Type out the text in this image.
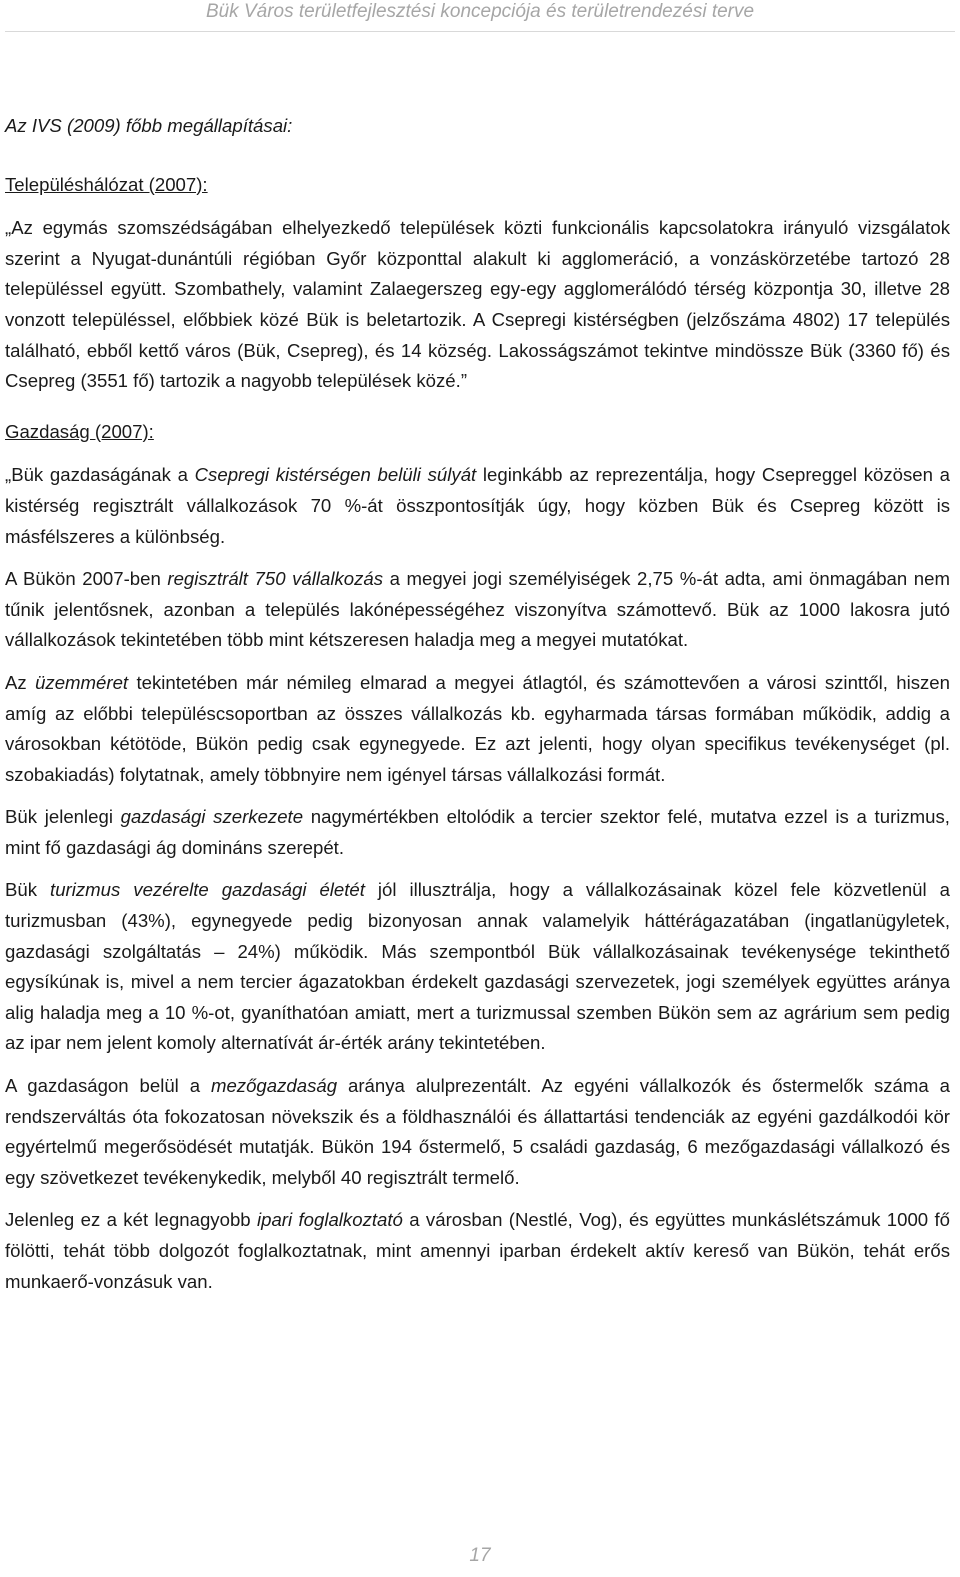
Bük Város területfejlesztési koncepciója és területrendezési terve

Az IVS (2009) főbb megállapításai:

Településhálózat (2007):

„Az egymás szomszédságában elhelyezkedő települések közti funkcionális kapcsolatokra irányuló vizsgálatok szerint a Nyugat-dunántúli régióban Győr központtal alakult ki agglomeráció, a vonzáskörzetébe tartozó 28 településsel együtt. Szombathely, valamint Zalaegerszeg egy-egy agglomerálódó térség központja 30, illetve 28 vonzott településsel, előbbiek közé Bük is beletartozik. A Csepregi kistérségben (jelzőszáma 4802) 17 település található, ebből kettő város (Bük, Csepreg), és 14 község. Lakosságszámot tekintve mindössze Bük (3360 fő) és Csepreg (3551 fő) tartozik a nagyobb települések közé.”

Gazdaság (2007):

„Bük gazdaságának a Csepregi kistérségen belüli súlyát leginkább az reprezentálja, hogy Csepreggel közösen a kistérség regisztrált vállalkozások 70 %-át összpontosítják úgy, hogy közben Bük és Csepreg között is másfélszeres a különbség.

A Bükön 2007-ben regisztrált 750 vállalkozás a megyei jogi személyiségek 2,75 %-át adta, ami önmagában nem tűnik jelentősnek, azonban a település lakónépességéhez viszonyítva számottevő. Bük az 1000 lakosra jutó vállalkozások tekintetében több mint kétszeresen haladja meg a megyei mutatókat.

Az üzemméret tekintetében már némileg elmarad a megyei átlagtól, és számottevően a városi szinttől, hiszen amíg az előbbi településcsoportban az összes vállalkozás kb. egyharmada társas formában működik, addig a városokban kétötöde, Bükön pedig csak egynegyede. Ez azt jelenti, hogy olyan specifikus tevékenységet (pl. szobakiadás) folytatnak, amely többnyire nem igényel társas vállalkozási formát.

Bük jelenlegi gazdasági szerkezete nagymértékben eltolódik a tercier szektor felé, mutatva ezzel is a turizmus, mint fő gazdasági ág domináns szerepét.

Bük turizmus vezérelte gazdasági életét jól illusztrálja, hogy a vállalkozásainak közel fele közvetlenül a turizmusban (43%), egynegyede pedig bizonyosan annak valamelyik háttérágazatában (ingatlanügyletek, gazdasági szolgáltatás – 24%) működik. Más szempontból Bük vállalkozásainak tevékenysége tekinthető egysíkúnak is, mivel a nem tercier ágazatokban érdekelt gazdasági szervezetek, jogi személyek együttes aránya alig haladja meg a 10 %-ot, gyaníthatóan amiatt, mert a turizmussal szemben Bükön sem az agrárium sem pedig az ipar nem jelent komoly alternatívát ár-érték arány tekintetében.

A gazdaságon belül a mezőgazdaság aránya alulprezentált. Az egyéni vállalkozók és őstermelők száma a rendszerváltás óta fokozatosan növekszik és a földhasználói és állattartási tendenciák az egyéni gazdálkodói kör egyértelmű megerősödését mutatják. Bükön 194 őstermelő, 5 családi gazdaság, 6 mezőgazdasági vállalkozó és egy szövetkezet tevékenykedik, melyből 40 regisztrált termelő.

Jelenleg ez a két legnagyobb ipari foglalkoztató a városban (Nestlé, Vog), és együttes munkáslétszámuk 1000 fő fölötti, tehát több dolgozót foglalkoztatnak, mint amennyi iparban érdekelt aktív kereső van Bükön, tehát erős munkaerő-vonzásuk van.

17
